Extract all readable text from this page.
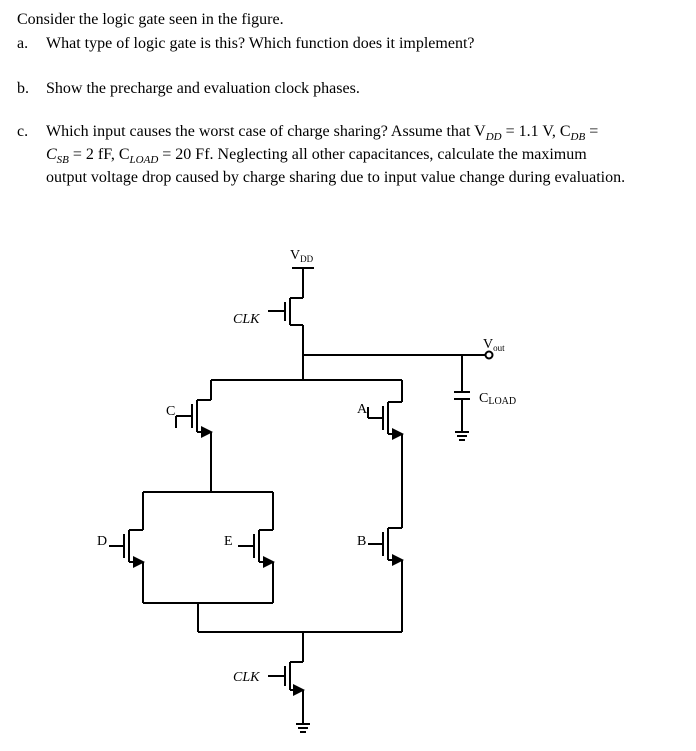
Consider the logic gate seen in the figure.
a. What type of logic gate is this? Which function does it implement?
b. Show the precharge and evaluation clock phases.
c. Which input causes the worst case of charge sharing? Assume that $V_{DD} = 1.1$ V, $C_{DB}$ =
$C_{SB} = 2$ fF, $C_{LOAD} = 20$ Ff. Neglecting all other capacitances, calculate the maximum
output voltage drop caused by charge sharing due to input value change during evaluation.
$V_{DD}$
CLK
$V_{out}$
CLOAD
C	A
D	E	B
CLK
